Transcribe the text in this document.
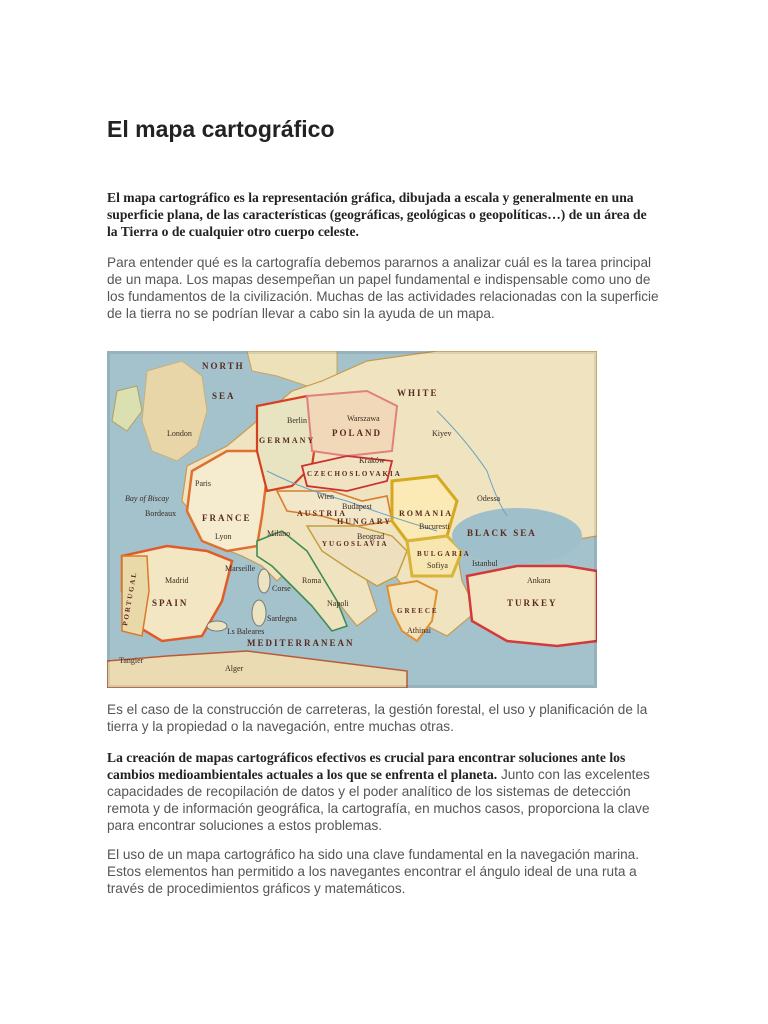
El mapa cartográfico

El mapa cartográfico es la representación gráfica, dibujada a escala y generalmente en una superficie plana, de las características (geográficas, geológicas o geopolíticas…) de un área de la Tierra o de cualquier otro cuerpo celeste.

Para entender qué es la cartografía debemos pararnos a analizar cuál es la tarea principal de un mapa. Los mapas desempeñan un papel fundamental e indispensable como uno de los fundamentos de la civilización. Muchas de las actividades relacionadas con la superficie de la tierra no se podrían llevar a cabo sin la ayuda de un mapa.

NORTH
SEA	WHITE
POLAND
GERMANY
FRANCE
SPAIN
PORTUGAL
AUSTRIA
HUNGARY
CZECHOSLOVAKIA
ROMANIA
BULGARIA
YUGOSLAVIA
GREECE
BLACK SEA
TURKEY
MEDITERRANEAN
Bay of Biscay
London
Paris
Berlin
Wien
Budapest
Bucuresti
Beograd
Sofiya
Roma
Napoli
Milano
Madrid
Marseille
Lyon
Bordeaux
Warszawa
Kraków
Kiyev
Odessa
Istanbul
Ankara
Athinai
Alger
Tangier
Corse
Sardegna
I.s Baleares

Es el caso de la construcción de carreteras, la gestión forestal, el uso y planificación de la tierra y la propiedad o la navegación, entre muchas otras.

La creación de mapas cartográficos efectivos es crucial para encontrar soluciones ante los cambios medioambientales actuales a los que se enfrenta el planeta. Junto con las excelentes capacidades de recopilación de datos y el poder analítico de los sistemas de detección remota y de información geográfica, la cartografía, en muchos casos, proporciona la clave para encontrar soluciones a estos problemas.

El uso de un mapa cartográfico ha sido una clave fundamental en la navegación marina. Estos elementos han permitido a los navegantes encontrar el ángulo ideal de una ruta a través de procedimientos gráficos y matemáticos.
